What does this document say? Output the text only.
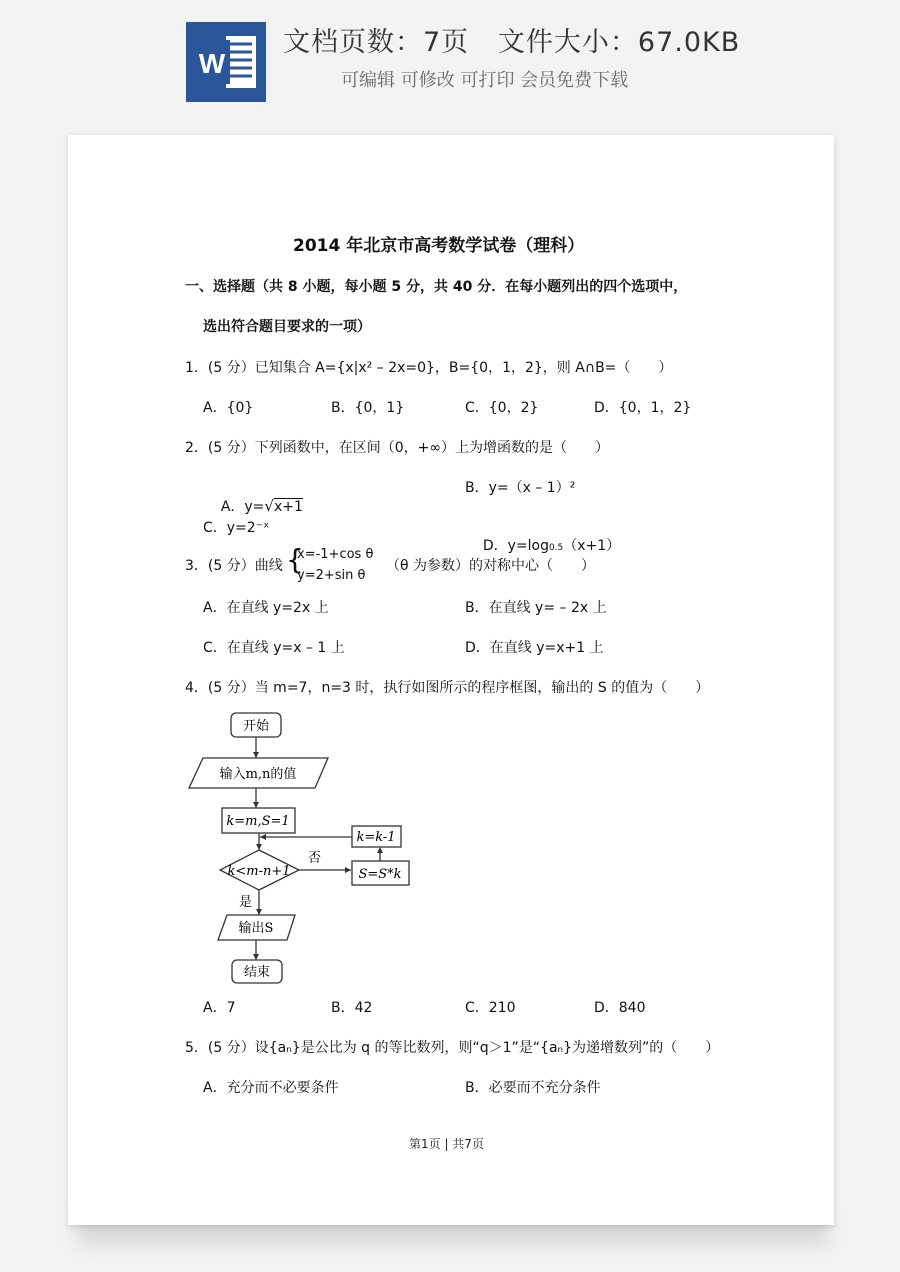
W
文档页数：7页   文件大小：67.0KB
可编辑 可修改 可打印 会员免费下载
2014 年北京市高考数学试卷（理科）
一、选择题（共 8 小题，每小题 5 分，共 40 分．在每小题列出的四个选项中，
选出符合题目要求的一项）
1．(5 分）已知集合 A={x|x² – 2x=0}，B={0，1，2}，则 A∩B=（　　）
A．{0}	B．{0，1}	C．{0，2}	D．{0，1，2}
2．(5 分）下列函数中，在区间（0，+∞）上为增函数的是（　　）

A．y=√x+1

B．y=（x – 1）²
C．y=2⁻ˣ

D．y=log0.5（x+1）

3．(5 分）曲线 {
x=-1+cos θ
y=2+sin θ
（θ 为参数）的对称中心（　　）
A．在直线 y=2x 上	B．在直线 y= – 2x 上
C．在直线 y=x – 1 上	D．在直线 y=x+1 上
4．(5 分）当 m=7，n=3 时，执行如图所示的程序框图，输出的 S 的值为（　　）
开始
输入m,n的值
k=m,S=1
k<m-n+1
否
S=S*k
k=k-1
是
输出S
结束
A．7	B．42	C．210	D．840
5．(5 分）设{aₙ}是公比为 q 的等比数列，则“q＞1”是“{aₙ}为递增数列”的（　　）
A．充分而不必要条件	B．必要而不充分条件
第1页 | 共7页
